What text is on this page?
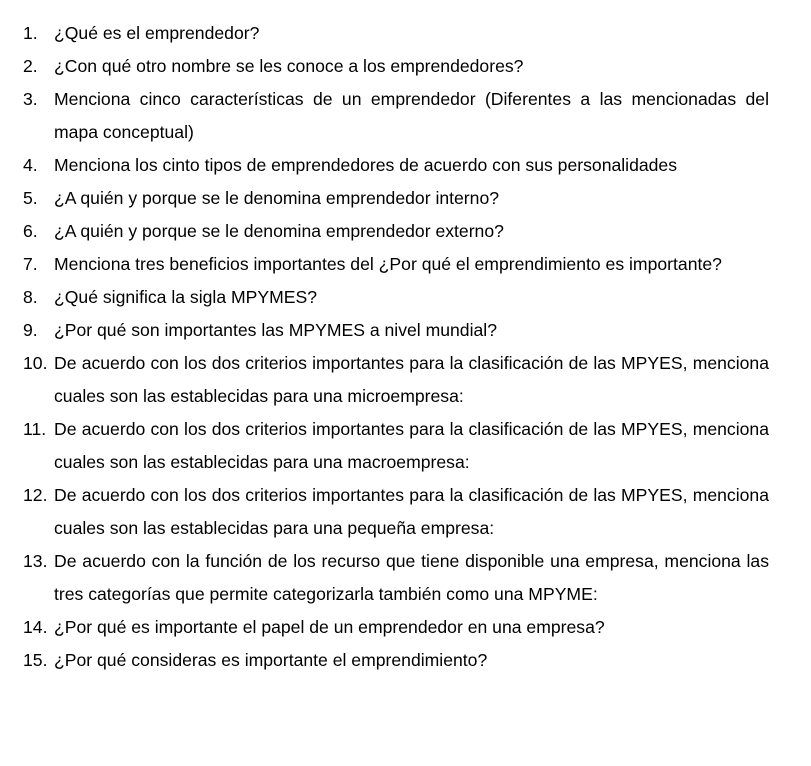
1. ¿Qué es el emprendedor?
2. ¿Con qué otro nombre se les conoce a los emprendedores?
3. Menciona cinco características de un emprendedor (Diferentes a las mencionadas del mapa conceptual)
4. Menciona los cinto tipos de emprendedores de acuerdo con sus personalidades
5. ¿A quién y porque se le denomina emprendedor interno?
6. ¿A quién y porque se le denomina emprendedor externo?
7. Menciona tres beneficios importantes del ¿Por qué el emprendimiento es importante?
8. ¿Qué significa la sigla MPYMES?
9. ¿Por qué son importantes las MPYMES a nivel mundial?
10. De acuerdo con los dos criterios importantes para la clasificación de las MPYES, menciona cuales son las establecidas para una microempresa:
11. De acuerdo con los dos criterios importantes para la clasificación de las MPYES, menciona cuales son las establecidas para una macroempresa:
12. De acuerdo con los dos criterios importantes para la clasificación de las MPYES, menciona cuales son las establecidas para una pequeña empresa:
13. De acuerdo con la función de los recurso que tiene disponible una empresa, menciona las tres categorías que permite categorizarla también como una MPYME:
14. ¿Por qué es importante el papel de un emprendedor en una empresa?
15. ¿Por qué consideras es importante el emprendimiento?
